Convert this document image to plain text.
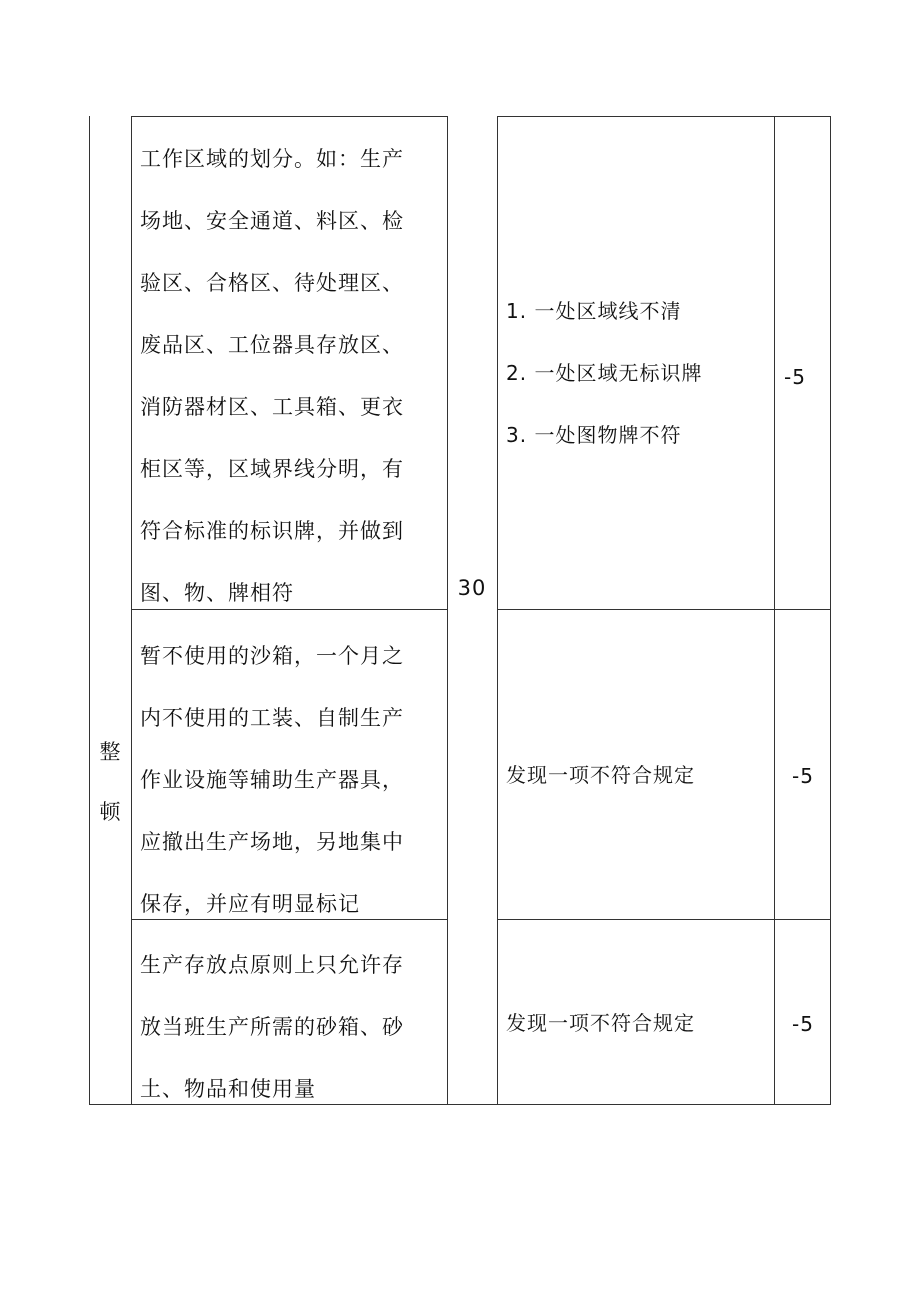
整
顿
30
工作区域的划分。如：生产
场地、安全通道、料区、检
验区、合格区、待处理区、
废品区、工位器具存放区、
消防器材区、工具箱、更衣
柜区等，区域界线分明，有
符合标准的标识牌，并做到
图、物、牌相符
1. 一处区域线不清
2. 一处区域无标识牌
3. 一处图物牌不符
-5
暂不使用的沙箱，一个月之
内不使用的工装、自制生产
作业设施等辅助生产器具，
应撤出生产场地，另地集中
保存，并应有明显标记
发现一项不符合规定	-5
生产存放点原则上只允许存
放当班生产所需的砂箱、砂
土、物品和使用量
发现一项不符合规定	-5
